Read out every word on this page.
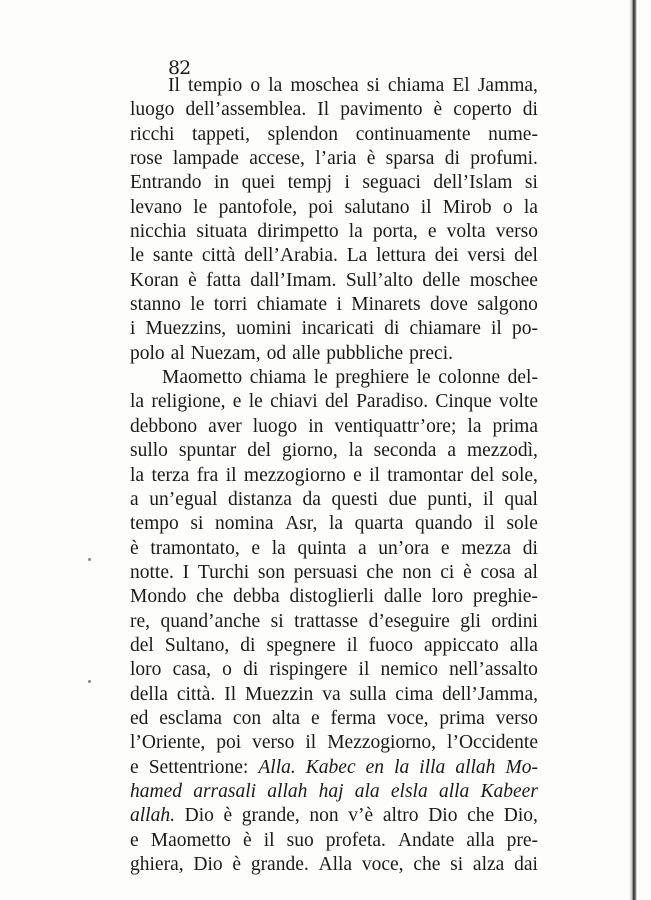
82
Il tempio o la moschea si chiama El Jamma,
luogo dell’assemblea. Il pavimento è coperto di
ricchi tappeti, splendon continuamente nume-
rose lampade accese, l’aria è sparsa di profumi.
Entrando in quei tempj i seguaci dell’Islam si
levano le pantofole, poi salutano il Mirob o la
nicchia situata dirimpetto la porta, e volta verso
le sante città dell’Arabia. La lettura dei versi del
Koran è fatta dall’Imam. Sull’alto delle moschee
stanno le torri chiamate i Minarets dove salgono
i Muezzins, uomini incaricati di chiamare il po-
polo al Nuezam, od alle pubbliche preci.
Maometto chiama le preghiere le colonne del-
la religione, e le chiavi del Paradiso. Cinque volte
debbono aver luogo in ventiquattr’ore; la prima
sullo spuntar del giorno, la seconda a mezzodì,
la terza fra il mezzogiorno e il tramontar del sole,
a un’egual distanza da questi due punti, il qual
tempo si nomina Asr, la quarta quando il sole
è tramontato, e la quinta a un’ora e mezza di
notte. I Turchi son persuasi che non ci è cosa al
Mondo che debba distoglierli dalle loro preghie-
re, quand’anche si trattasse d’eseguire gli ordini
del Sultano, di spegnere il fuoco appiccato alla
loro casa, o di rispingere il nemico nell’assalto
della città. Il Muezzin va sulla cima dell’Jamma,
ed esclama con alta e ferma voce, prima verso
l’Oriente, poi verso il Mezzogiorno, l’Occidente
e Settentrione: Alla. Kabec en la illa allah Mo-
hamed arrasali allah haj ala elsla alla Kabeer
allah. Dio è grande, non v’è altro Dio che Dio,
e Maometto è il suo profeta. Andate alla pre-
ghiera, Dio è grande. Alla voce, che si alza dai
